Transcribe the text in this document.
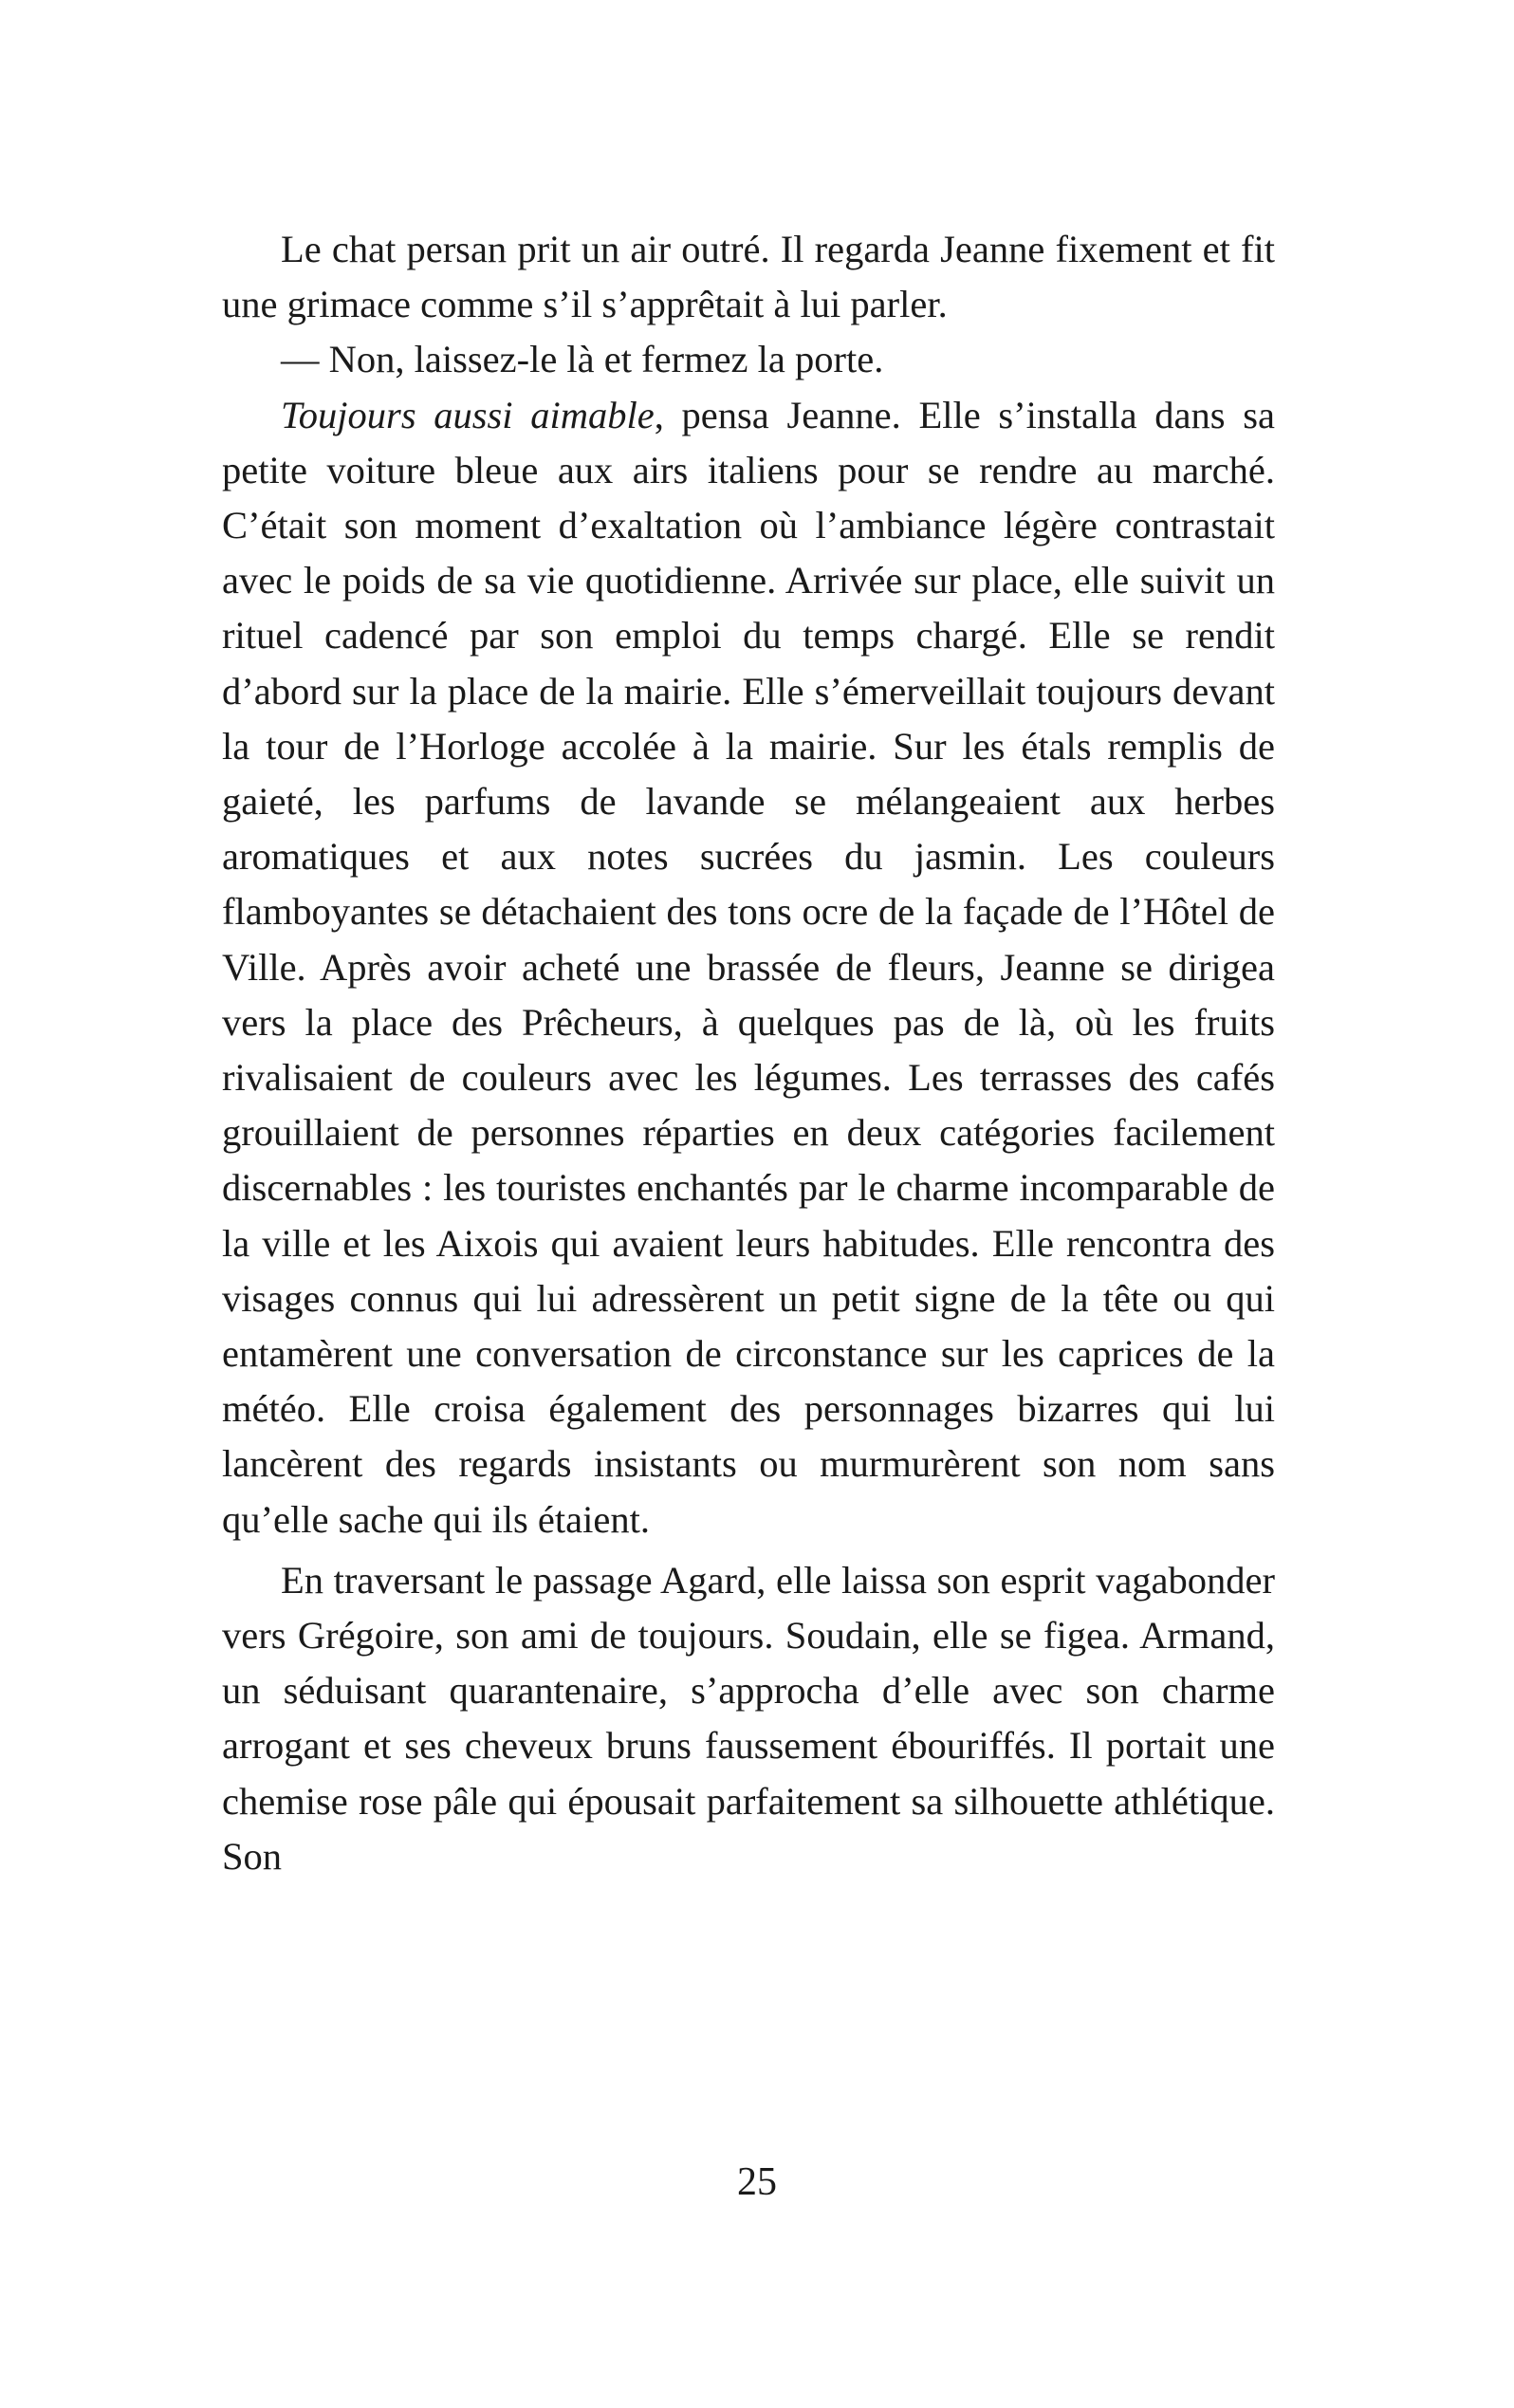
Le chat persan prit un air outré. Il regarda Jeanne fixement et fit une grimace comme s’il s’apprêtait à lui parler.

— Non, laissez-le là et fermez la porte.

Toujours aussi aimable, pensa Jeanne. Elle s’installa dans sa petite voiture bleue aux airs italiens pour se rendre au marché. C’était son moment d’exaltation où l’ambiance légère contrastait avec le poids de sa vie quotidienne. Arrivée sur place, elle suivit un rituel cadencé par son emploi du temps chargé. Elle se rendit d’abord sur la place de la mairie. Elle s’émerveillait toujours devant la tour de l’Horloge accolée à la mairie. Sur les étals remplis de gaieté, les parfums de lavande se mélangeaient aux herbes aromatiques et aux notes sucrées du jasmin. Les couleurs flamboyantes se détachaient des tons ocre de la façade de l’Hôtel de Ville. Après avoir acheté une brassée de fleurs, Jeanne se dirigea vers la place des Prêcheurs, à quelques pas de là, où les fruits rivalisaient de couleurs avec les légumes. Les terrasses des cafés grouillaient de personnes réparties en deux catégories facilement discernables : les touristes enchantés par le charme incomparable de la ville et les Aixois qui avaient leurs habitudes. Elle rencontra des visages connus qui lui adressèrent un petit signe de la tête ou qui entamèrent une conversation de circonstance sur les caprices de la météo. Elle croisa également des personnages bizarres qui lui lancèrent des regards insistants ou murmurèrent son nom sans qu’elle sache qui ils étaient.

En traversant le passage Agard, elle laissa son esprit vagabonder vers Grégoire, son ami de toujours. Soudain, elle se figea. Armand, un séduisant quarantenaire, s’approcha d’elle avec son charme arrogant et ses cheveux bruns faussement ébouriffés. Il portait une chemise rose pâle qui épousait parfaitement sa silhouette athlétique. Son

25
